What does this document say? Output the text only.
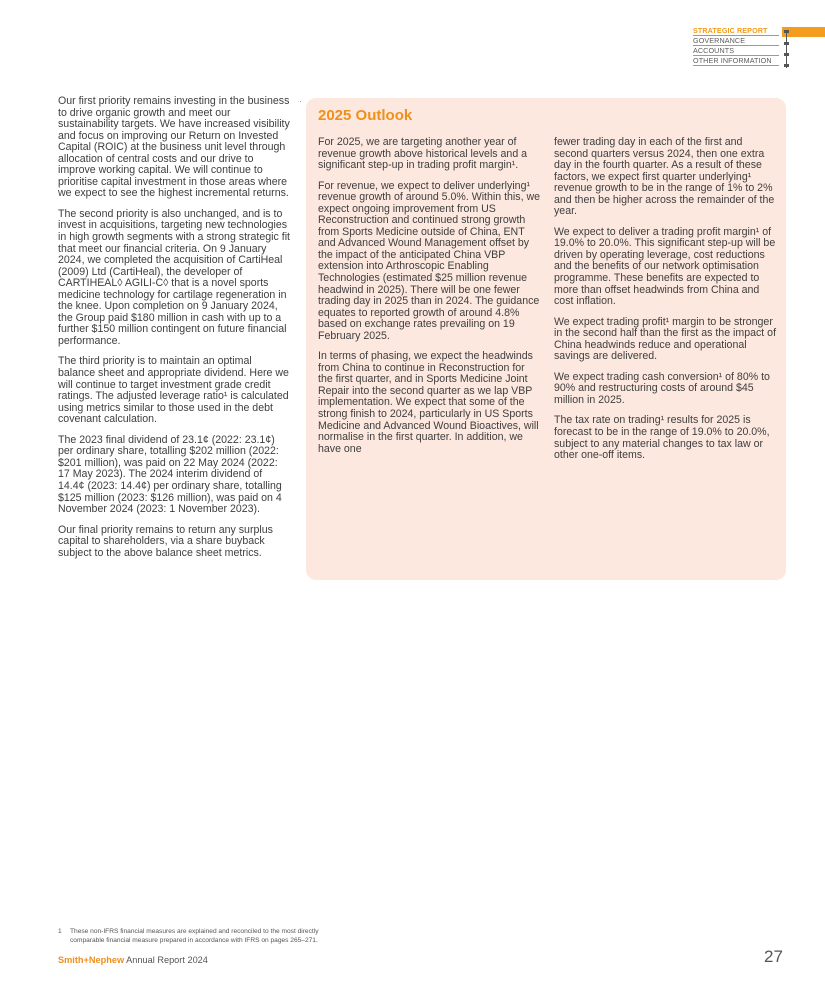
STRATEGIC REPORT
GOVERNANCE
ACCOUNTS
OTHER INFORMATION

Our first priority remains investing in the business to drive organic growth and meet our sustainability targets. We have increased visibility and focus on improving our Return on Invested Capital (ROIC) at the business unit level through allocation of central costs and our drive to improve working capital. We will continue to prioritise capital investment in those areas where we expect to see the highest incremental returns.

The second priority is also unchanged, and is to invest in acquisitions, targeting new technologies in high growth segments with a strong strategic fit that meet our financial criteria. On 9 January 2024, we completed the acquisition of CartiHeal (2009) Ltd (CartiHeal), the developer of CARTIHEAL◊ AGILI-C◊ that is a novel sports medicine technology for cartilage regeneration in the knee. Upon completion on 9 January 2024, the Group paid $180 million in cash with up to a further $150 million contingent on future financial performance.

The third priority is to maintain an optimal balance sheet and appropriate dividend. Here we will continue to target investment grade credit ratings. The adjusted leverage ratio¹ is calculated using metrics similar to those used in the debt covenant calculation.

The 2023 final dividend of 23.1¢ (2022: 23.1¢) per ordinary share, totalling $202 million (2022: $201 million), was paid on 22 May 2024 (2022: 17 May 2023). The 2024 interim dividend of 14.4¢ (2023: 14.4¢) per ordinary share, totalling $125 million (2023: $126 million), was paid on 4 November 2024 (2023: 1 November 2023).

Our final priority remains to return any surplus capital to shareholders, via a share buyback subject to the above balance sheet metrics.

2025 Outlook

For 2025, we are targeting another year of revenue growth above historical levels and a significant step-up in trading profit margin¹.

For revenue, we expect to deliver underlying¹ revenue growth of around 5.0%. Within this, we expect ongoing improvement from US Reconstruction and continued strong growth from Sports Medicine outside of China, ENT and Advanced Wound Management offset by the impact of the anticipated China VBP extension into Arthroscopic Enabling Technologies (estimated $25 million revenue headwind in 2025). There will be one fewer trading day in 2025 than in 2024. The guidance equates to reported growth of around 4.8% based on exchange rates prevailing on 19 February 2025.

In terms of phasing, we expect the headwinds from China to continue in Reconstruction for the first quarter, and in Sports Medicine Joint Repair into the second quarter as we lap VBP implementation. We expect that some of the strong finish to 2024, particularly in US Sports Medicine and Advanced Wound Bioactives, will normalise in the first quarter. In addition, we have one

fewer trading day in each of the first and second quarters versus 2024, then one extra day in the fourth quarter. As a result of these factors, we expect first quarter underlying¹ revenue growth to be in the range of 1% to 2% and then be higher across the remainder of the year.

We expect to deliver a trading profit margin¹ of 19.0% to 20.0%. This significant step-up will be driven by operating leverage, cost reductions and the benefits of our network optimisation programme. These benefits are expected to more than offset headwinds from China and cost inflation.

We expect trading profit¹ margin to be stronger in the second half than the first as the impact of China headwinds reduce and operational savings are delivered.

We expect trading cash conversion¹ of 80% to 90% and restructuring costs of around $45 million in 2025.

The tax rate on trading¹ results for 2025 is forecast to be in the range of 19.0% to 20.0%, subject to any material changes to tax law or other one-off items.

1 These non-IFRS financial measures are explained and reconciled to the most directly
comparable financial measure prepared in accordance with IFRS on pages 265–271.
Smith+Nephew Annual Report 2024	27
